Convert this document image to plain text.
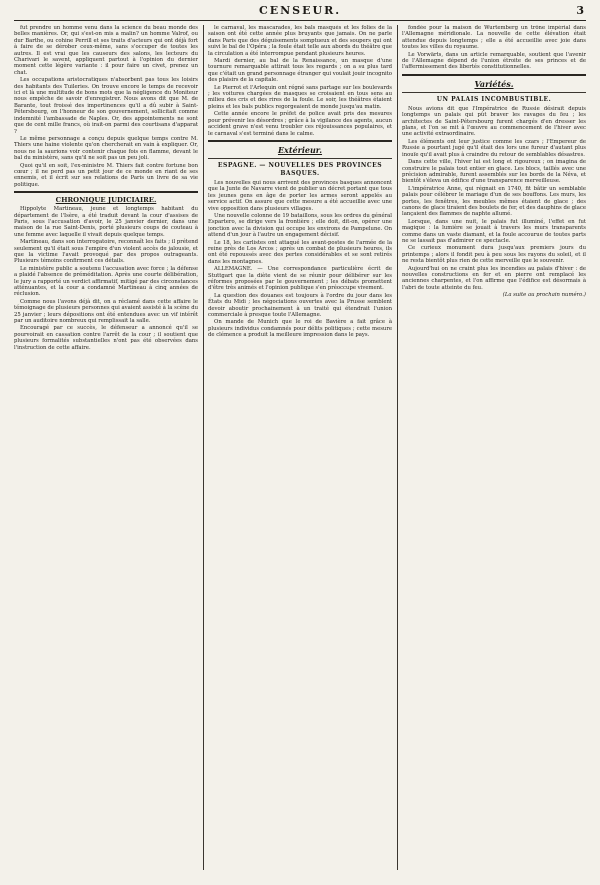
CENSEUR.	3

fut prendre un homme venu dans la science du beau monde des belles manières. Or, qui s'est-on mis a malin? un homme Valrof, ou dur Barthe, ou cohine Perrill et ses traits d'acteurs qui ont déjà fort à faire de se dérober ceux-même, sans s'occuper de toutes les autres. Il est vrai que les causeurs des salons, les lecteurs du Charivari le savent, appliquent partout à l'opinion du dernier moment cette légère variante : il pour faire un civet, prenez un chat.

Les occupations aristocratiques n'absorbent pas tous les loisirs des habitants des Tuileries. On trouve encore le temps de recevoir ici et là une multitude de bons mots que la négligence du Moniteur nous empêche de savoir d'enregistrer. Nous avons dit que M. de Barante, tout froissé des impertinences qu'il a dû subir à Saint-Pétersbourg, on l'honneur de son gouvernement, sollicitait comme indemnité l'ambassade de Naples. Or, des appointements ne sont que de cent mille francs, où irait-on parmi des courtisans d'apparat ?

Le même personnage a conçu depuis quelque temps contre M. Thiers une haine violente qu'on chercherait en vain à expliquer. Or, nous ne la saurions voir contenir chaque fois en flamme, devant le bal du ministère, sans qu'il ne soit pas un peu joli.

Quoi qu'il en soit, l'ex-ministre M. Thiers fait contre fortune bon cœur ; il ne perd pas un petit jour de ce monde en riant de ses ennemis, et il écrit sur ses relations de Paris un livre de sa vie politique.

CHRONIQUE JUDICIAIRE.

Hippolyte Martineau, jeune et longtemps habitant du département de l'Isère, a été traduit devant la cour d'assises de Paris, sous l'accusation d'avoir, le 25 janvier dernier, dans une maison de la rue Saint-Denis, porté plusieurs coups de couteau à une femme avec laquelle il vivait depuis quelque temps.

Martineau, dans son interrogatoire, reconnaît les faits ; il prétend seulement qu'il était sous l'empire d'un violent accès de jalousie, et que la victime l'avait provoqué par des propos outrageants. Plusieurs témoins confirment ces détails.

Le ministère public a soutenu l'accusation avec force ; la défense a plaidé l'absence de préméditation. Après une courte délibération, le jury a rapporté un verdict affirmatif, mitigé par des circonstances atténuantes, et la cour a condamné Martineau à cinq années de réclusion.

Comme nous l'avons déjà dit, on a réclamé dans cette affaire le témoignage de plusieurs personnes qui avaient assisté à la scène du 25 janvier ; leurs dépositions ont été entendues avec un vif intérêt par un auditoire nombreux qui remplissait la salle.

Encouragé par ce succès, le défenseur a annoncé qu'il se pourvoirait en cassation contre l'arrêt de la cour ; il soutient que plusieurs formalités substantielles n'ont pas été observées dans l'instruction de cette affaire.

le carnaval, les mascarades, les bals masqués et les folies de la saison ont été cette année plus bruyants que jamais. On ne parle dans Paris que des déguisements somptueux et des soupers qui ont suivi le bal de l'Opéra ; la foule était telle aux abords du théâtre que la circulation a été interrompue pendant plusieurs heures.

Mardi dernier, au bal de la Renaissance, un masque d'une tournure remarquable attirait tous les regards ; on a su plus tard que c'était un grand personnage étranger qui voulait jouir incognito des plaisirs de la capitale.

Le Pierrot et l'Arlequin ont régné sans partage sur les boulevards ; les voitures chargées de masques se croisaient en tous sens au milieu des cris et des rires de la foule. Le soir, les théâtres étaient pleins et les bals publics regorgeaient de monde jusqu'au matin.

Cette année encore le préfet de police avait pris des mesures pour prévenir les désordres ; grâce à la vigilance des agents, aucun accident grave n'est venu troubler ces réjouissances populaires, et le carnaval s'est terminé dans le calme.

Extérieur.
ESPAGNE. — NOUVELLES DES PROVINCES BASQUES.

Les nouvelles qui nous arrivent des provinces basques annoncent que la Junte de Navarre vient de publier un décret portant que tous les jeunes gens en âge de porter les armes seront appelés au service actif. On assure que cette mesure a été accueillie avec une vive opposition dans plusieurs villages.

Une nouvelle colonne de 19 bataillons, sous les ordres du général Espartero, se dirige vers la frontière ; elle doit, dit-on, opérer une jonction avec la division qui occupe les environs de Pampelune. On attend d'un jour à l'autre un engagement décisif.

Le 18, les carlistes ont attaqué les avant-postes de l'armée de la reine près de Los Arcos ; après un combat de plusieurs heures, ils ont été repoussés avec des pertes considérables et se sont retirés dans les montagnes.

ALLEMAGNE. — Une correspondance particulière écrit de Stuttgart que la diète vient de se réunir pour délibérer sur les réformes proposées par le gouvernement ; les débats promettent d'être très animés et l'opinion publique s'en préoccupe vivement.

La question des douanes est toujours à l'ordre du jour dans les États du Midi ; les négociations ouvertes avec la Prusse semblent devoir aboutir prochainement à un traité qui étendrait l'union commerciale à presque toute l'Allemagne.

On mande de Munich que le roi de Bavière a fait grâce à plusieurs individus condamnés pour délits politiques ; cette mesure de clémence a produit la meilleure impression dans le pays.

fondée pour la maison de Wurtemberg un trône impérial dans l'Allemagne méridionale. La nouvelle de cette élévation était attendue depuis longtemps ; elle a été accueillie avec joie dans toutes les villes du royaume.

Le Vorwärts, dans un article remarquable, soutient que l'avenir de l'Allemagne dépend de l'union étroite de ses princes et de l'affermissement des libertés constitutionnelles.

Variétés.
UN PALAIS INCOMBUSTIBLE.

Nous avions dit que l'Impératrice de Russie désirait depuis longtemps un palais qui pût braver les ravages du feu ; les architectes de Saint-Pétersbourg furent chargés d'en dresser les plans, et l'on se mit à l'œuvre au commencement de l'hiver avec une activité extraordinaire.

Les éléments ont leur justice comme les czars ; l'Empereur de Russie a pourtant jugé qu'il était des lors une fureur d'autant plus inouïe qu'il avait plus à craindre du retour de semblables désastres.

Dans cette ville, l'hiver lui est long et rigoureux ; on imagina de construire le palais tout entier en glace. Les blocs, taillés avec une précision admirable, furent assemblés sur les bords de la Néva, et bientôt s'éleva un édifice d'une transparence merveilleuse.

L'impératrice Anne, qui régnait en 1740, fit bâtir un semblable palais pour célébrer le mariage d'un de ses bouffons. Les murs, les portes, les fenêtres, les meubles mêmes étaient de glace ; des canons de glace tiraient des boulets de fer, et des dauphins de glace lançaient des flammes de naphte allumé.

Lorsque, dans une nuit, le palais fut illuminé, l'effet en fut magique : la lumière se jouait à travers les murs transparents comme dans un vaste diamant, et la foule accourue de toutes parts ne se lassait pas d'admirer ce spectacle.

Ce curieux monument dura jusqu'aux premiers jours du printemps ; alors il fondit peu à peu sous les rayons du soleil, et il ne resta bientôt plus rien de cette merveille que le souvenir.

Aujourd'hui on ne craint plus les incendies au palais d'hiver : de nouvelles constructions en fer et en pierre ont remplacé les anciennes charpentes, et l'on affirme que l'édifice est désormais à l'abri de toute atteinte du feu.

(La suite au prochain numéro.)
